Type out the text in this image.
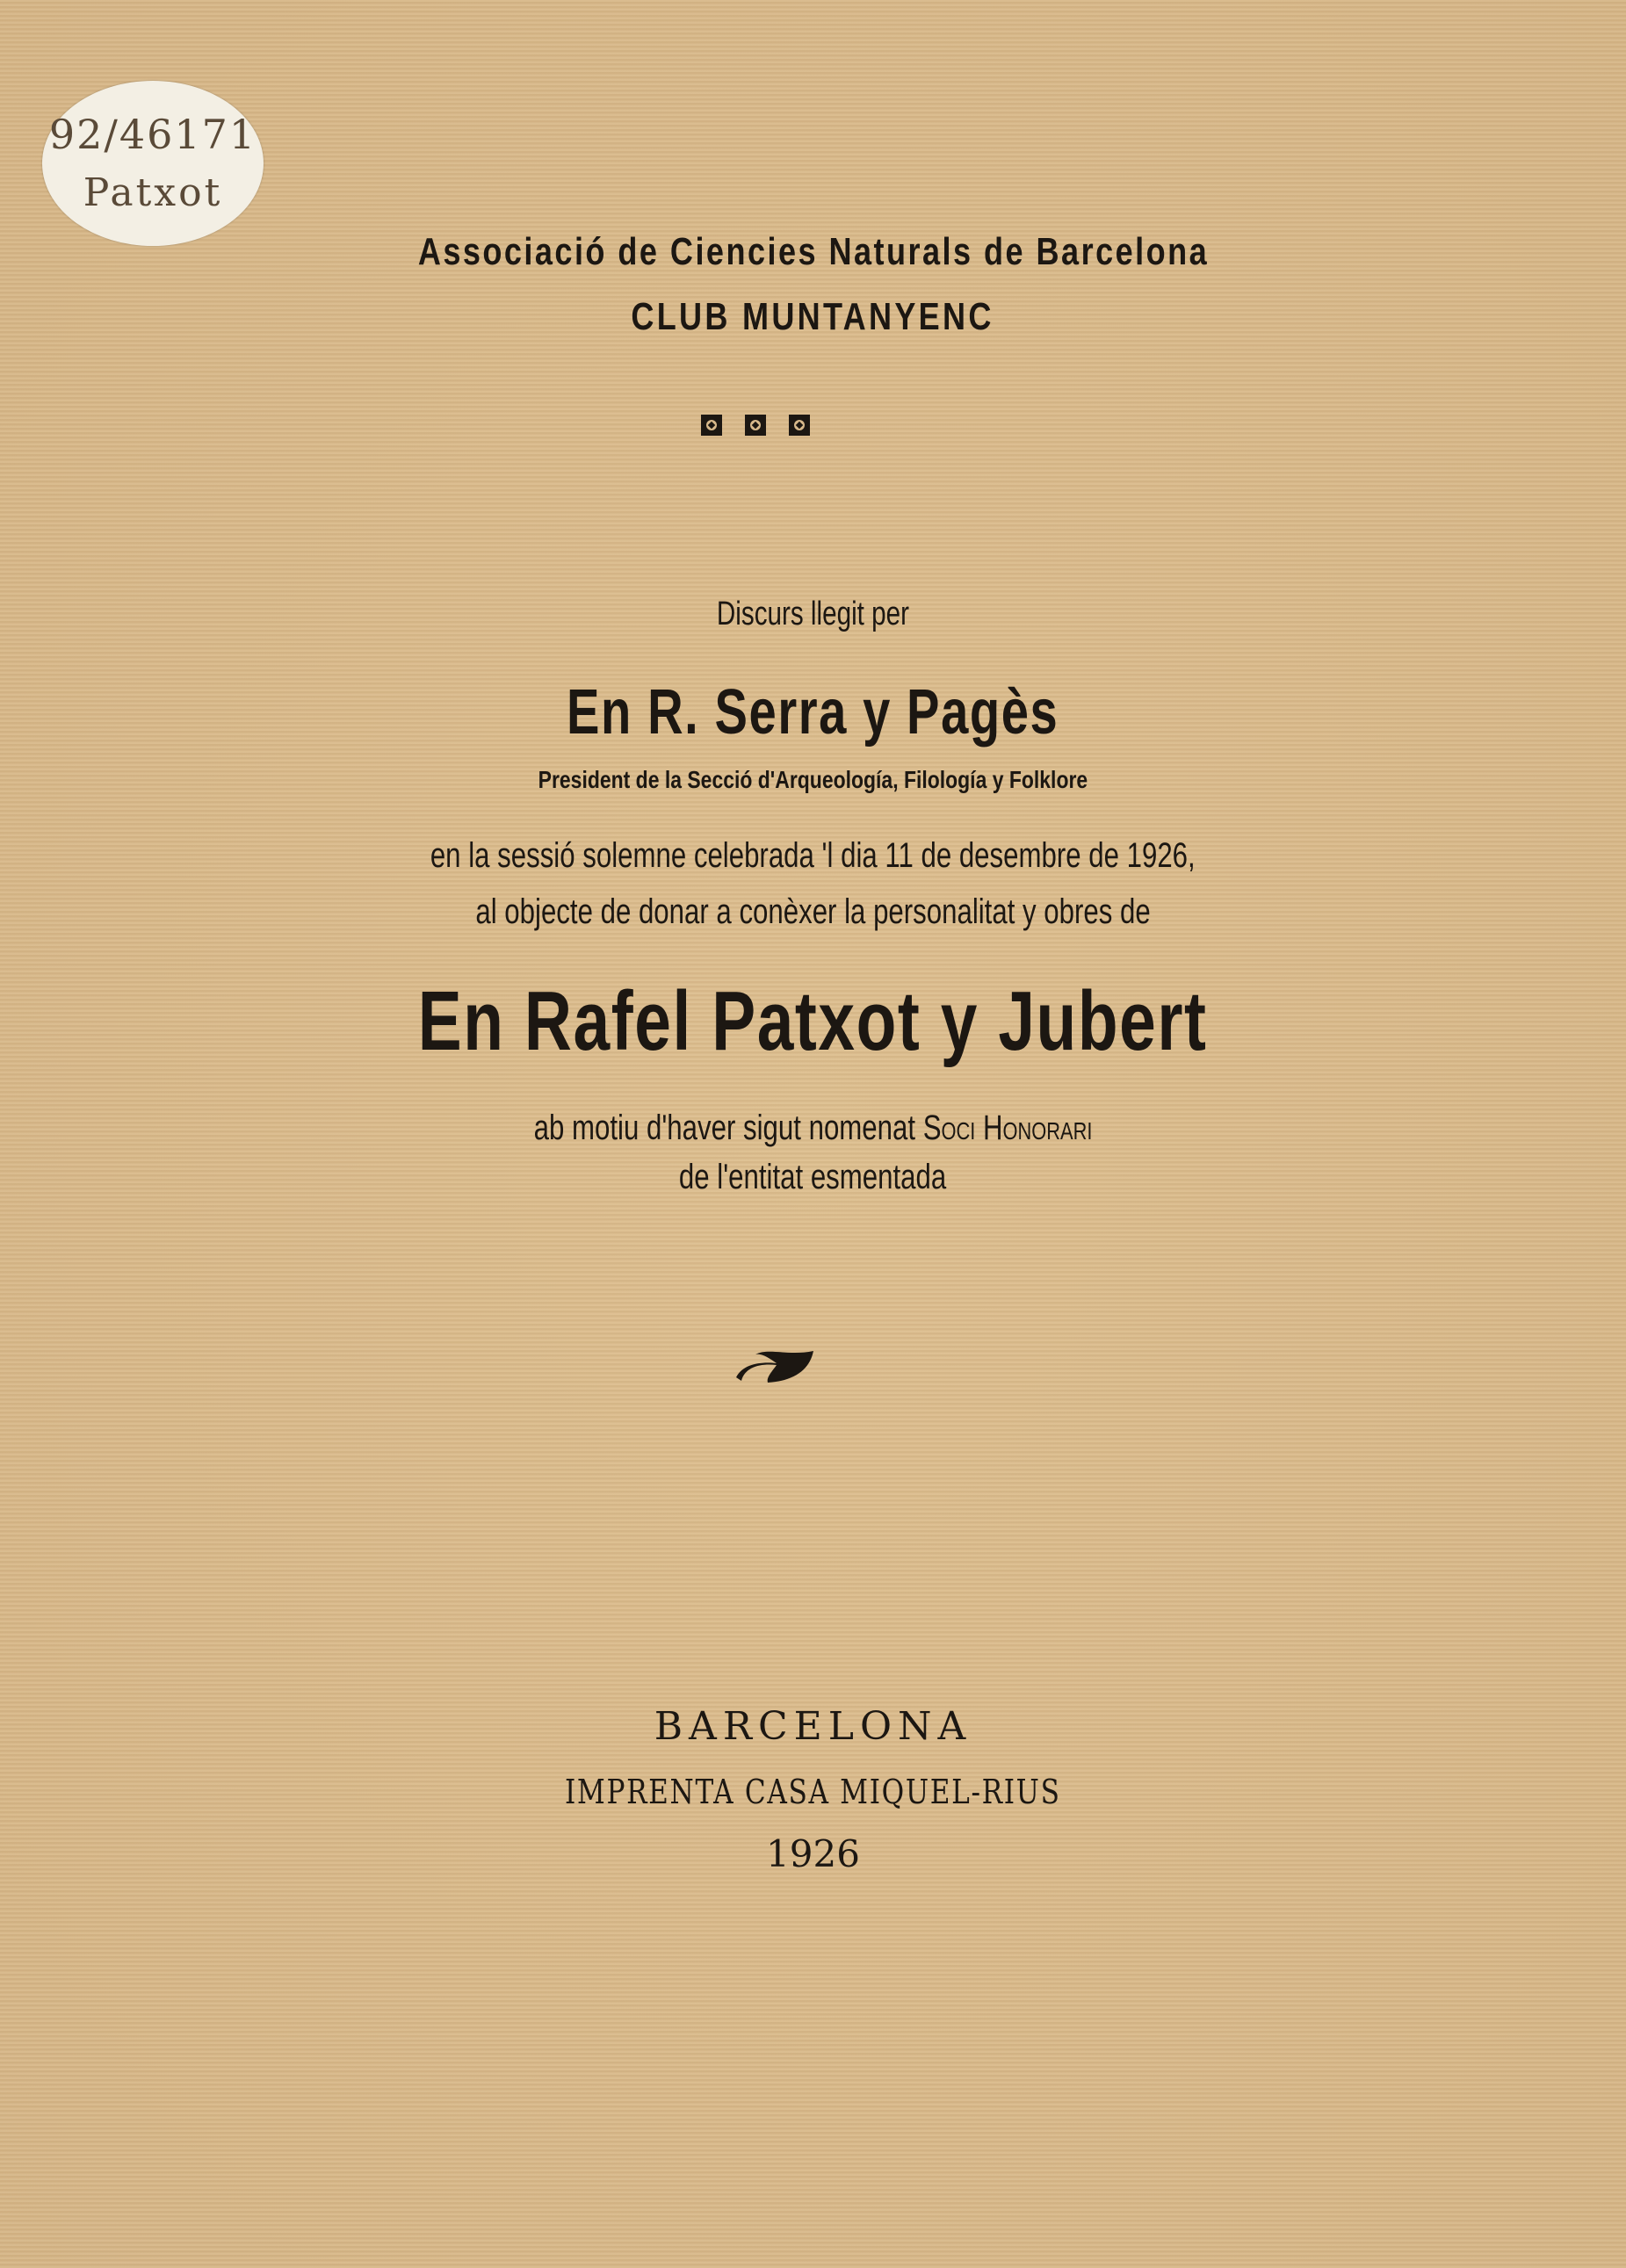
92/46171
Patxot
Associació de Ciencies Naturals de Barcelona
CLUB MUNTANYENC
Discurs llegit per
En R. Serra y Pagès
President de la Secció d'Arqueología, Filología y Folklore
en la sessió solemne celebrada 'l dia 11 de desembre de 1926,
al objecte de donar a conèxer la personalitat y obres de
En Rafel Patxot y Jubert
ab motiu d'haver sigut nomenat Soci Honorari
de l'entitat esmentada
BARCELONA
IMPRENTA CASA MIQUEL-RIUS
1926
